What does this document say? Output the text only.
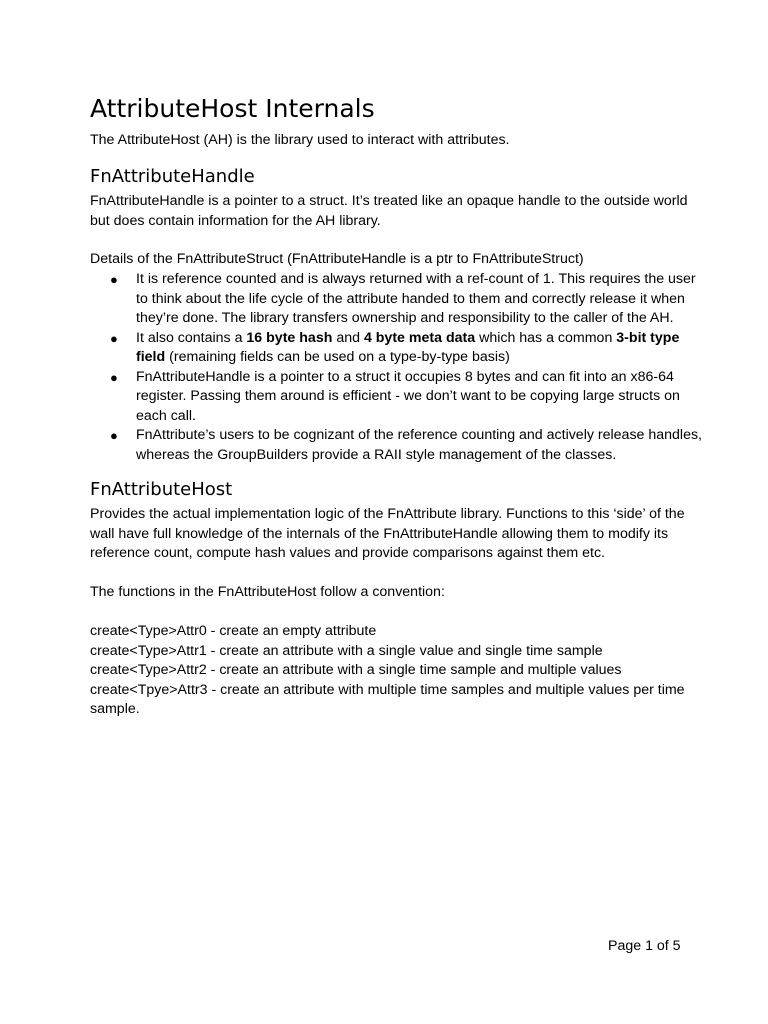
AttributeHost Internals

The AttributeHost (AH) is the library used to interact with attributes.

FnAttributeHandle

FnAttributeHandle is a pointer to a struct. It’s treated like an opaque handle to the outside world but does contain information for the AH library.

Details of the FnAttributeStruct (FnAttributeHandle is a ptr to FnAttributeStruct)

● It is reference counted and is always returned with a ref-count of 1. This requires the user to think about the life cycle of the attribute handed to them and correctly release it when they’re done. The library transfers ownership and responsibility to the caller of the AH.
● It also contains a 16 byte hash and 4 byte meta data which has a common 3-bit type field (remaining fields can be used on a type-by-type basis)
● FnAttributeHandle is a pointer to a struct it occupies 8 bytes and can fit into an x86-64 register. Passing them around is efficient - we don’t want to be copying large structs on each call.
● FnAttribute’s users to be cognizant of the reference counting and actively release handles, whereas the GroupBuilders provide a RAII style management of the classes.
FnAttributeHost

Provides the actual implementation logic of the FnAttribute library. Functions to this ‘side’ of the wall have full knowledge of the internals of the FnAttributeHandle allowing them to modify its reference count, compute hash values and provide comparisons against them etc.

The functions in the FnAttributeHost follow a convention:

create<Type>Attr0 - create an empty attribute

create<Type>Attr1 - create an attribute with a single value and single time sample

create<Type>Attr2 - create an attribute with a single time sample and multiple values

create<Tpye>Attr3 - create an attribute with multiple time samples and multiple values per time sample.

Page 1 of 5
